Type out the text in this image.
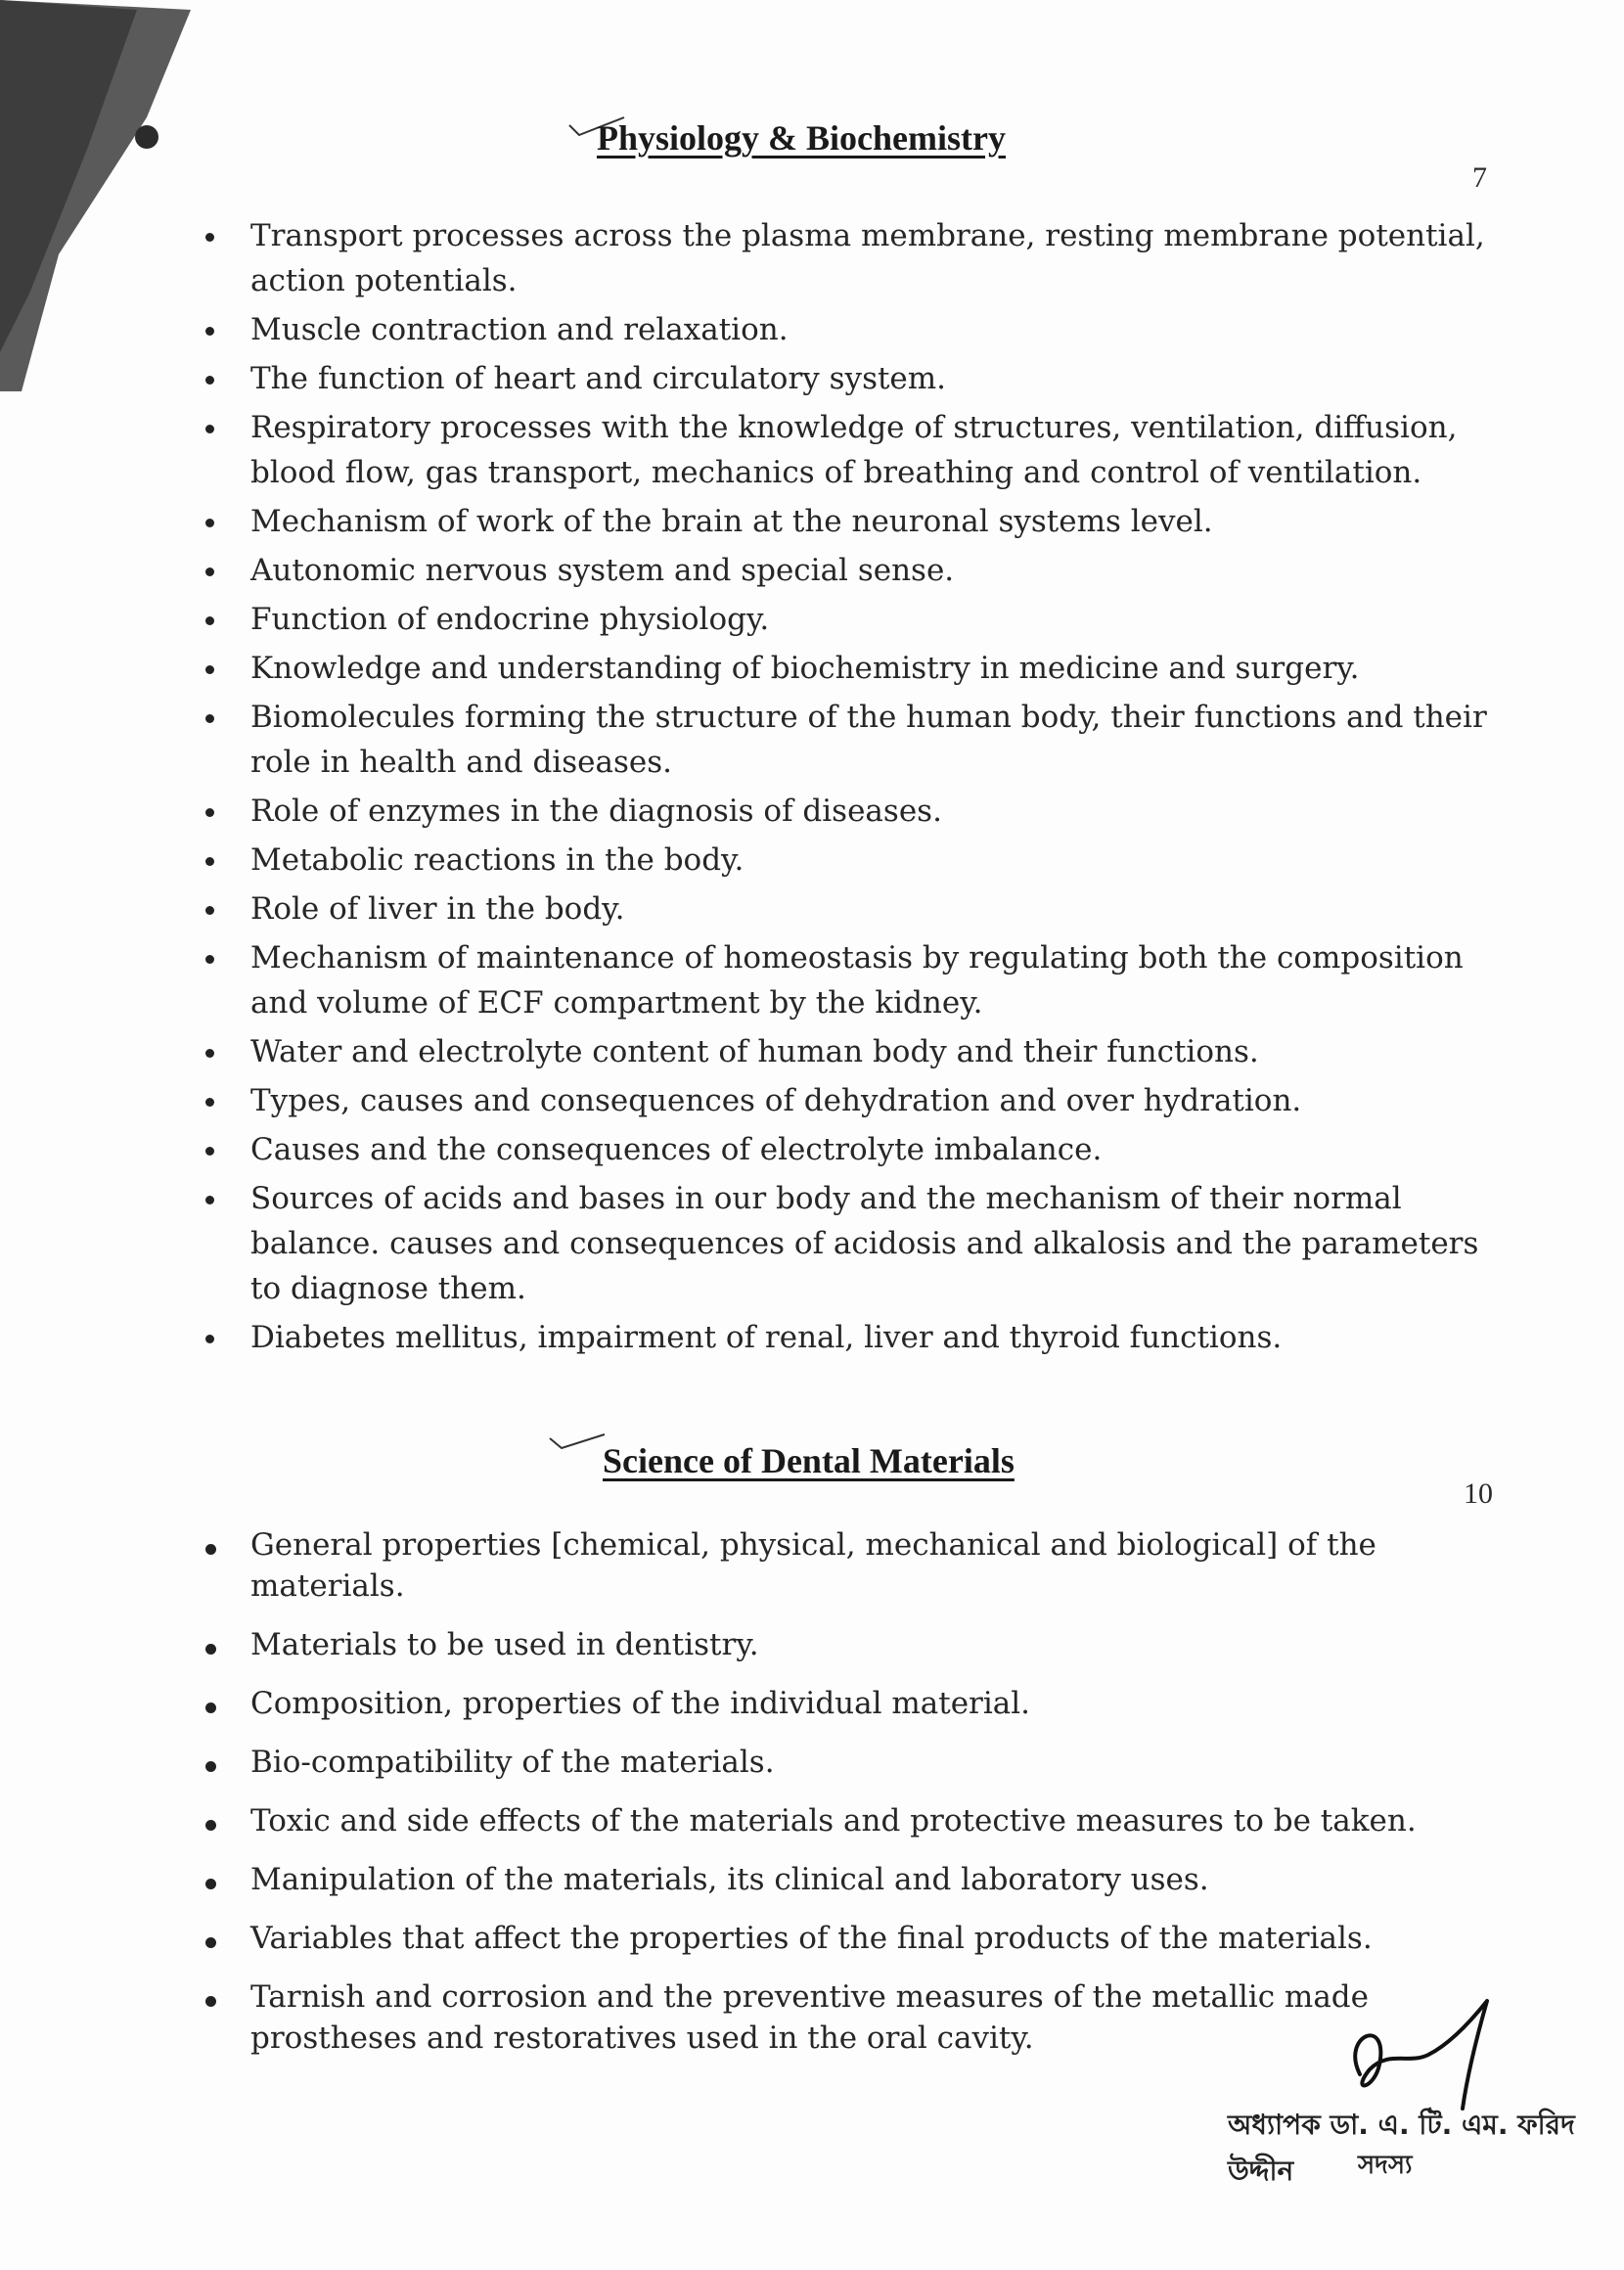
Physiology & Biochemistry
7
Transport processes across the plasma membrane, resting membrane potential, action potentials.
Muscle contraction and relaxation.
The function of heart and circulatory system.
Respiratory processes with the knowledge of structures, ventilation, diffusion, blood flow, gas transport, mechanics of breathing and control of ventilation.
Mechanism of work of the brain at the neuronal systems level.
Autonomic nervous system and special sense.
Function of endocrine physiology.
Knowledge and understanding of biochemistry in medicine and surgery.
Biomolecules forming the structure of the human body, their functions and their role in health and diseases.
Role of enzymes in the diagnosis of diseases.
Metabolic reactions in the body.
Role of liver in the body.
Mechanism of maintenance of homeostasis by regulating both the composition and volume of ECF compartment by the kidney.
Water and electrolyte content of human body and their functions.
Types, causes and consequences of dehydration and over hydration.
Causes and the consequences of electrolyte imbalance.
Sources of acids and bases in our body and the mechanism of their normal balance. causes and consequences of acidosis and alkalosis and the parameters to diagnose them.
Diabetes mellitus, impairment of renal, liver and thyroid functions.
Science of Dental Materials
10
General properties [chemical, physical, mechanical and biological] of the materials.
Materials to be used in dentistry.
Composition, properties of the individual material.
Bio-compatibility of the materials.
Toxic and side effects of the materials and protective measures to be taken.
Manipulation of the materials, its clinical and laboratory uses.
Variables that affect the properties of the final products of the materials.
Tarnish and corrosion and the preventive measures of the metallic made prostheses and restoratives used in the oral cavity.
অধ্যাপক ডা. এ. টি. এম. ফরিদ উদ্দীন	সদস্য
